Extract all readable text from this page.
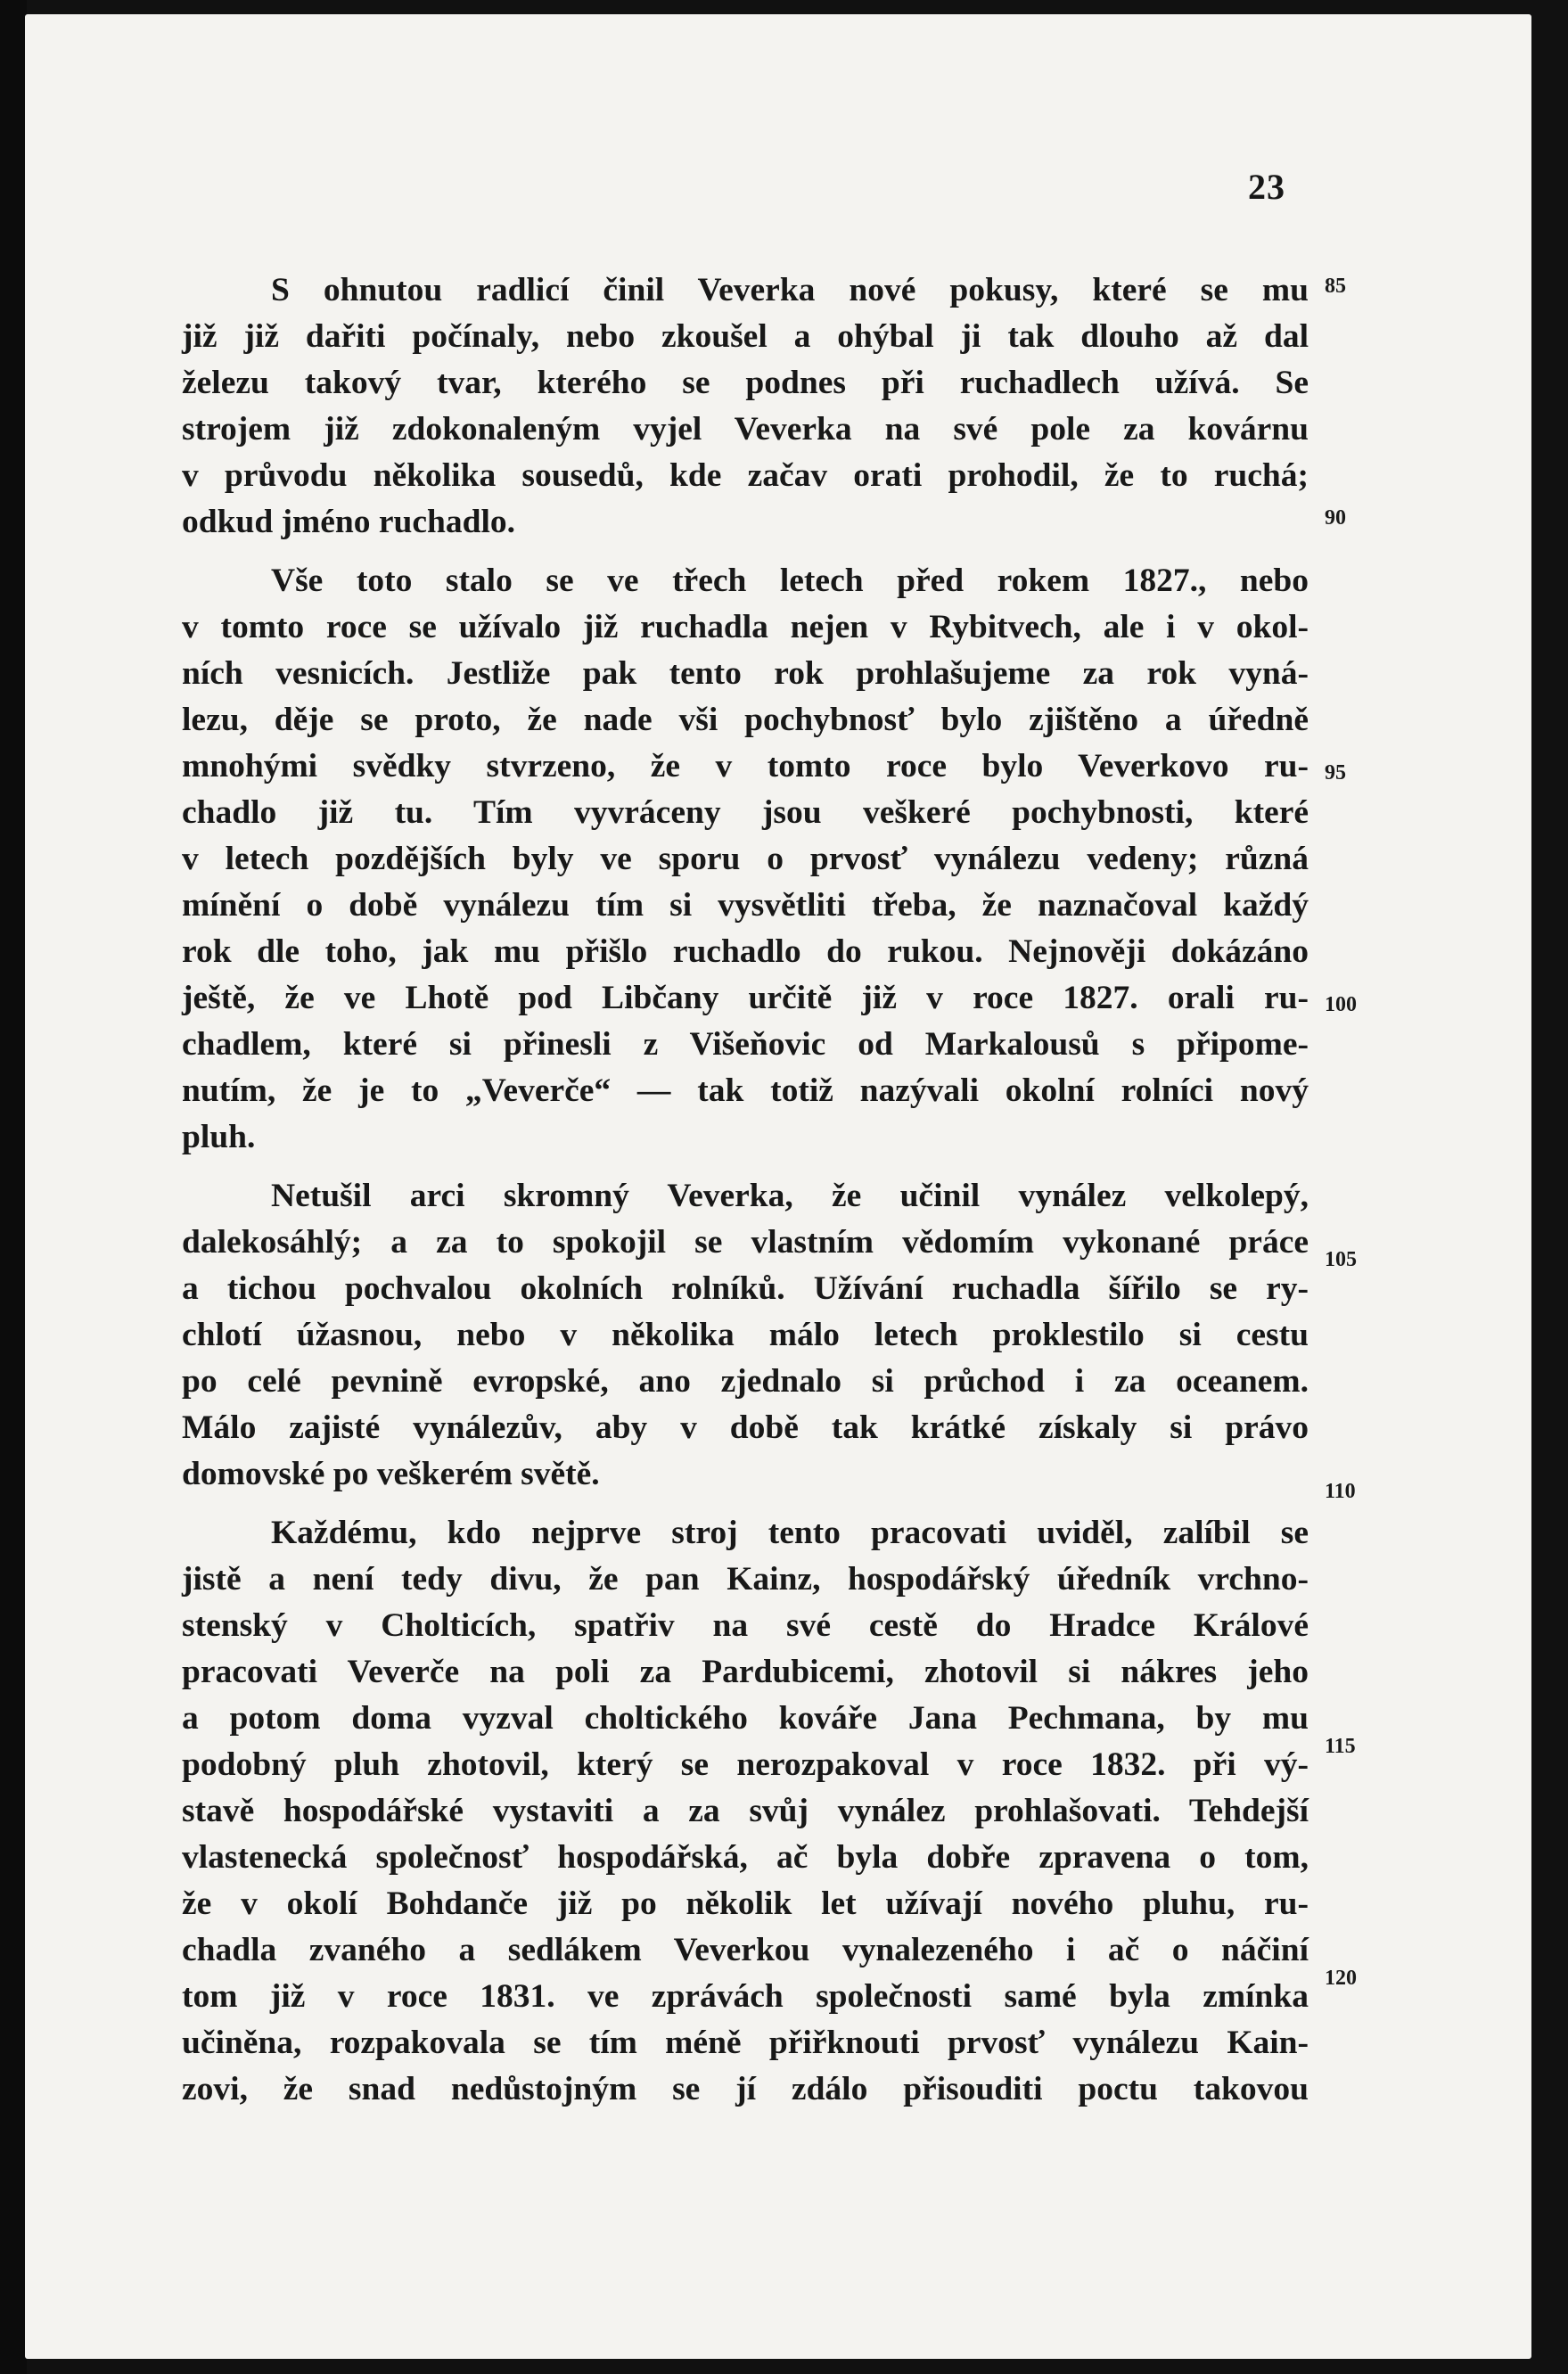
23
S ohnutou radlicí činil Veverka nové pokusy, které se mu
již již dařiti počínaly, nebo zkoušel a ohýbal ji tak dlouho až dal
železu takový tvar, kterého se podnes při ruchadlech užívá. Se
strojem již zdokonaleným vyjel Veverka na své pole za kovárnu
v průvodu několika sousedů, kde začav orati prohodil, že to ruchá;
odkud jméno ruchadlo.
Vše toto stalo se ve třech letech před rokem 1827., nebo
v tomto roce se užívalo již ruchadla nejen v Rybitvech, ale i v okol-
ních vesnicích. Jestliže pak tento rok prohlašujeme za rok vyná-
lezu, děje se proto, že nade vši pochybnosť bylo zjištěno a úředně
mnohými svědky stvrzeno, že v tomto roce bylo Veverkovo ru-
chadlo již tu. Tím vyvráceny jsou veškeré pochybnosti, které
v letech pozdějších byly ve sporu o prvosť vynálezu vedeny; různá
mínění o době vynálezu tím si vysvětliti třeba, že naznačoval každý
rok dle toho, jak mu přišlo ruchadlo do rukou. Nejnověji dokázáno
ještě, že ve Lhotě pod Libčany určitě již v roce 1827. orali ru-
chadlem, které si přinesli z Višeňovic od Markalousů s připome-
nutím, že je to „Veverče“ — tak totiž nazývali okolní rolníci nový
pluh.
Netušil arci skromný Veverka, že učinil vynález velkolepý,
dalekosáhlý; a za to spokojil se vlastním vědomím vykonané práce
a tichou pochvalou okolních rolníků. Užívání ruchadla šířilo se ry-
chlotí úžasnou, nebo v několika málo letech proklestilo si cestu
po celé pevnině evropské, ano zjednalo si průchod i za oceanem.
Málo zajisté vynálezův, aby v době tak krátké získaly si právo
domovské po veškerém světě.
Každému, kdo nejprve stroj tento pracovati uviděl, zalíbil se
jistě a není tedy divu, že pan Kainz, hospodářský úředník vrchno-
stenský v Cholticích, spatřiv na své cestě do Hradce Králové
pracovati Veverče na poli za Pardubicemi, zhotovil si nákres jeho
a potom doma vyzval choltického kováře Jana Pechmana, by mu
podobný pluh zhotovil, který se nerozpakoval v roce 1832. při vý-
stavě hospodářské vystaviti a za svůj vynález prohlašovati. Tehdejší
vlastenecká společnosť hospodářská, ač byla dobře zpravena o tom,
že v okolí Bohdanče již po několik let užívají nového pluhu, ru-
chadla zvaného a sedlákem Veverkou vynalezeného i ač o náčiní
tom již v roce 1831. ve zprávách společnosti samé byla zmínka
učiněna, rozpakovala se tím méně přiřknouti prvosť vynálezu Kain-
zovi, že snad nedůstojným se jí zdálo přisouditi poctu takovou
85
90
95
100
105
110
115
120
